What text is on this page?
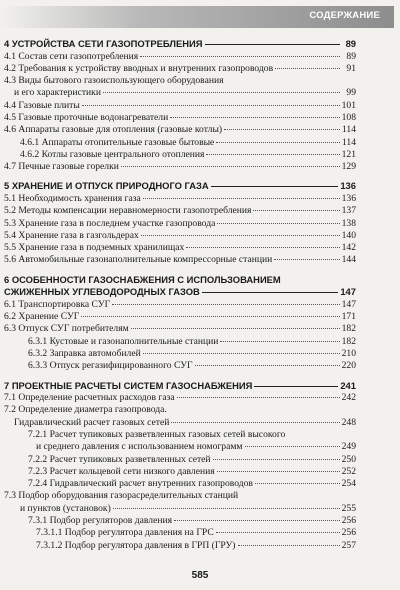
СОДЕРЖАНИЕ
4 УСТРОЙСТВА СЕТИ ГАЗОПОТРЕБЛЕНИЯ	89
4.1 Состав сети газопотребления	89
4.2 Требования к устройству вводных и внутренних газопроводов	91
4.3 Виды бытового газоиспользующего оборудования
и его характеристики	99
4.4 Газовые плиты	101
4.5 Газовые проточные водонагреватели	108
4.6 Аппараты газовые для отопления (газовые котлы)	114
4.6.1 Аппараты отопительные газовые бытовые	114
4.6.2 Котлы газовые центрального отопления	121
4.7 Печные газовые горелки	129
5 ХРАНЕНИЕ И ОТПУСК ПРИРОДНОГО ГАЗА	136
5.1 Необходимость хранения газа	136
5.2 Методы компенсации неравномерности газопотребления	137
5.3 Хранение газа в последнем участке газопровода	138
5.4 Хранение газа в газгольдерах	140
5.5 Хранение газа в подземных хранилищах	142
5.6 Автомобильные газонаполнительные компрессорные станции	144
6 ОСОБЕННОСТИ ГАЗОСНАБЖЕНИЯ С ИСПОЛЬЗОВАНИЕМ
СЖИЖЕННЫХ УГЛЕВОДОРОДНЫХ ГАЗОВ	147
6.1 Транспортировка СУГ	147
6.2 Хранение СУГ	171
6.3 Отпуск СУГ потребителям	182
6.3.1 Кустовые и газонаполнительные станции	182
6.3.2 Заправка автомобилей	210
6.3.3 Отпуск регазифицированного СУГ	220
7 ПРОЕКТНЫЕ РАСЧЕТЫ СИСТЕМ ГАЗОСНАБЖЕНИЯ	241
7.1 Определение расчетных расходов газа	242
7.2 Определение диаметра газопровода.
Гидравлический расчет газовых сетей	248
7.2.1 Расчет тупиковых разветвленных газовых сетей высокого
и среднего давления с использованием номограмм	249
7.2.2 Расчет тупиковых разветвленных сетей	250
7.2.3 Расчет кольцевой сети низкого давления	252
7.2.4 Гидравлический расчет внутренних газопроводов	254
7.3 Подбор оборудования газорасределительных станций
и пунктов (установок)	255
7.3.1 Подбор регуляторов давления	256
7.3.1.1 Подбор регулятора давления на ГРС	256
7.3.1.2 Подбор регулятора давления в ГРП (ГРУ)	257
585
